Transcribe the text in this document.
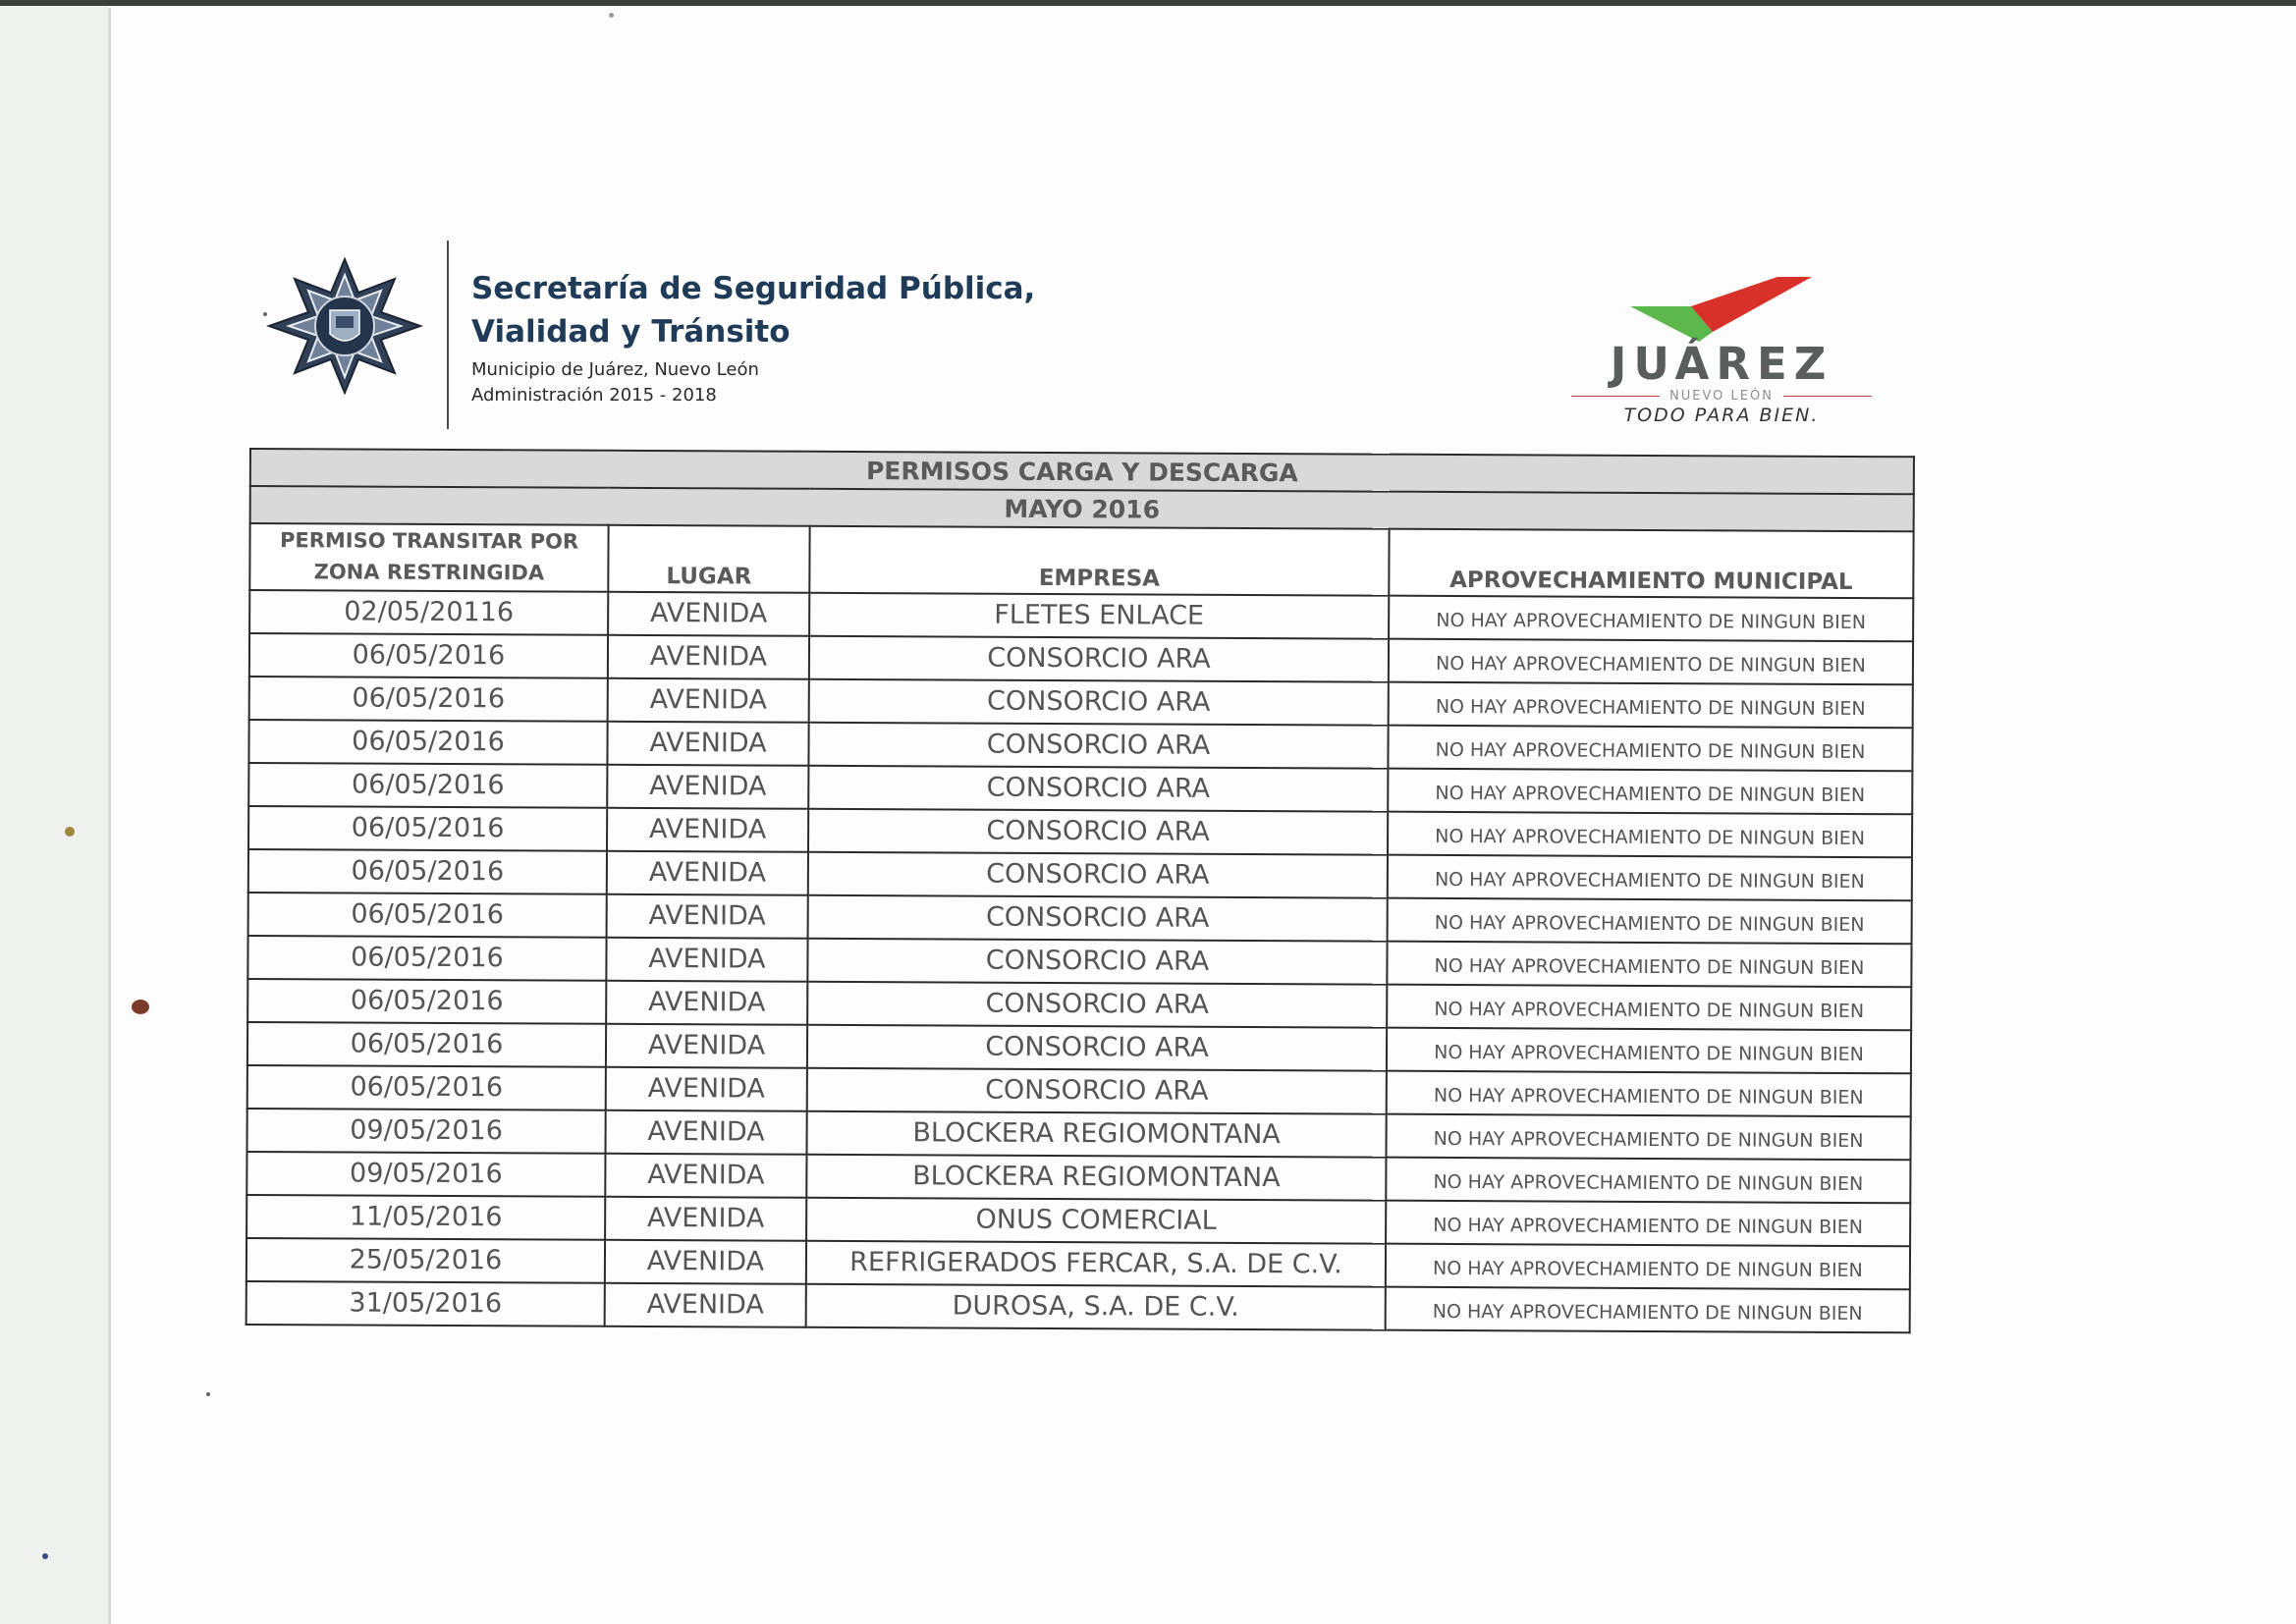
Secretaría de Seguridad Pública, Vialidad y Tránsito
Municipio de Juárez, Nuevo León
Administración 2015 - 2018
JUÁREZ
NUEVO LEÓN
TODO PARA BIEN.
PERMISOS CARGA Y DESCARGA			
MAYO 2016			
PERMISO TRANSITAR POR ZONA RESTRINGIDA	LUGAR	EMPRESA	APROVECHAMIENTO MUNICIPAL
02/05/20116	AVENIDA	FLETES ENLACE	NO HAY APROVECHAMIENTO DE NINGUN BIEN
06/05/2016	AVENIDA	CONSORCIO ARA	NO HAY APROVECHAMIENTO DE NINGUN BIEN
06/05/2016	AVENIDA	CONSORCIO ARA	NO HAY APROVECHAMIENTO DE NINGUN BIEN
06/05/2016	AVENIDA	CONSORCIO ARA	NO HAY APROVECHAMIENTO DE NINGUN BIEN
06/05/2016	AVENIDA	CONSORCIO ARA	NO HAY APROVECHAMIENTO DE NINGUN BIEN
06/05/2016	AVENIDA	CONSORCIO ARA	NO HAY APROVECHAMIENTO DE NINGUN BIEN
06/05/2016	AVENIDA	CONSORCIO ARA	NO HAY APROVECHAMIENTO DE NINGUN BIEN
06/05/2016	AVENIDA	CONSORCIO ARA	NO HAY APROVECHAMIENTO DE NINGUN BIEN
06/05/2016	AVENIDA	CONSORCIO ARA	NO HAY APROVECHAMIENTO DE NINGUN BIEN
06/05/2016	AVENIDA	CONSORCIO ARA	NO HAY APROVECHAMIENTO DE NINGUN BIEN
06/05/2016	AVENIDA	CONSORCIO ARA	NO HAY APROVECHAMIENTO DE NINGUN BIEN
06/05/2016	AVENIDA	CONSORCIO ARA	NO HAY APROVECHAMIENTO DE NINGUN BIEN
09/05/2016	AVENIDA	BLOCKERA REGIOMONTANA	NO HAY APROVECHAMIENTO DE NINGUN BIEN
09/05/2016	AVENIDA	BLOCKERA REGIOMONTANA	NO HAY APROVECHAMIENTO DE NINGUN BIEN
11/05/2016	AVENIDA	ONUS COMERCIAL	NO HAY APROVECHAMIENTO DE NINGUN BIEN
25/05/2016	AVENIDA	REFRIGERADOS FERCAR, S.A. DE C.V.	NO HAY APROVECHAMIENTO DE NINGUN BIEN
31/05/2016	AVENIDA	DUROSA, S.A. DE C.V.	NO HAY APROVECHAMIENTO DE NINGUN BIEN
